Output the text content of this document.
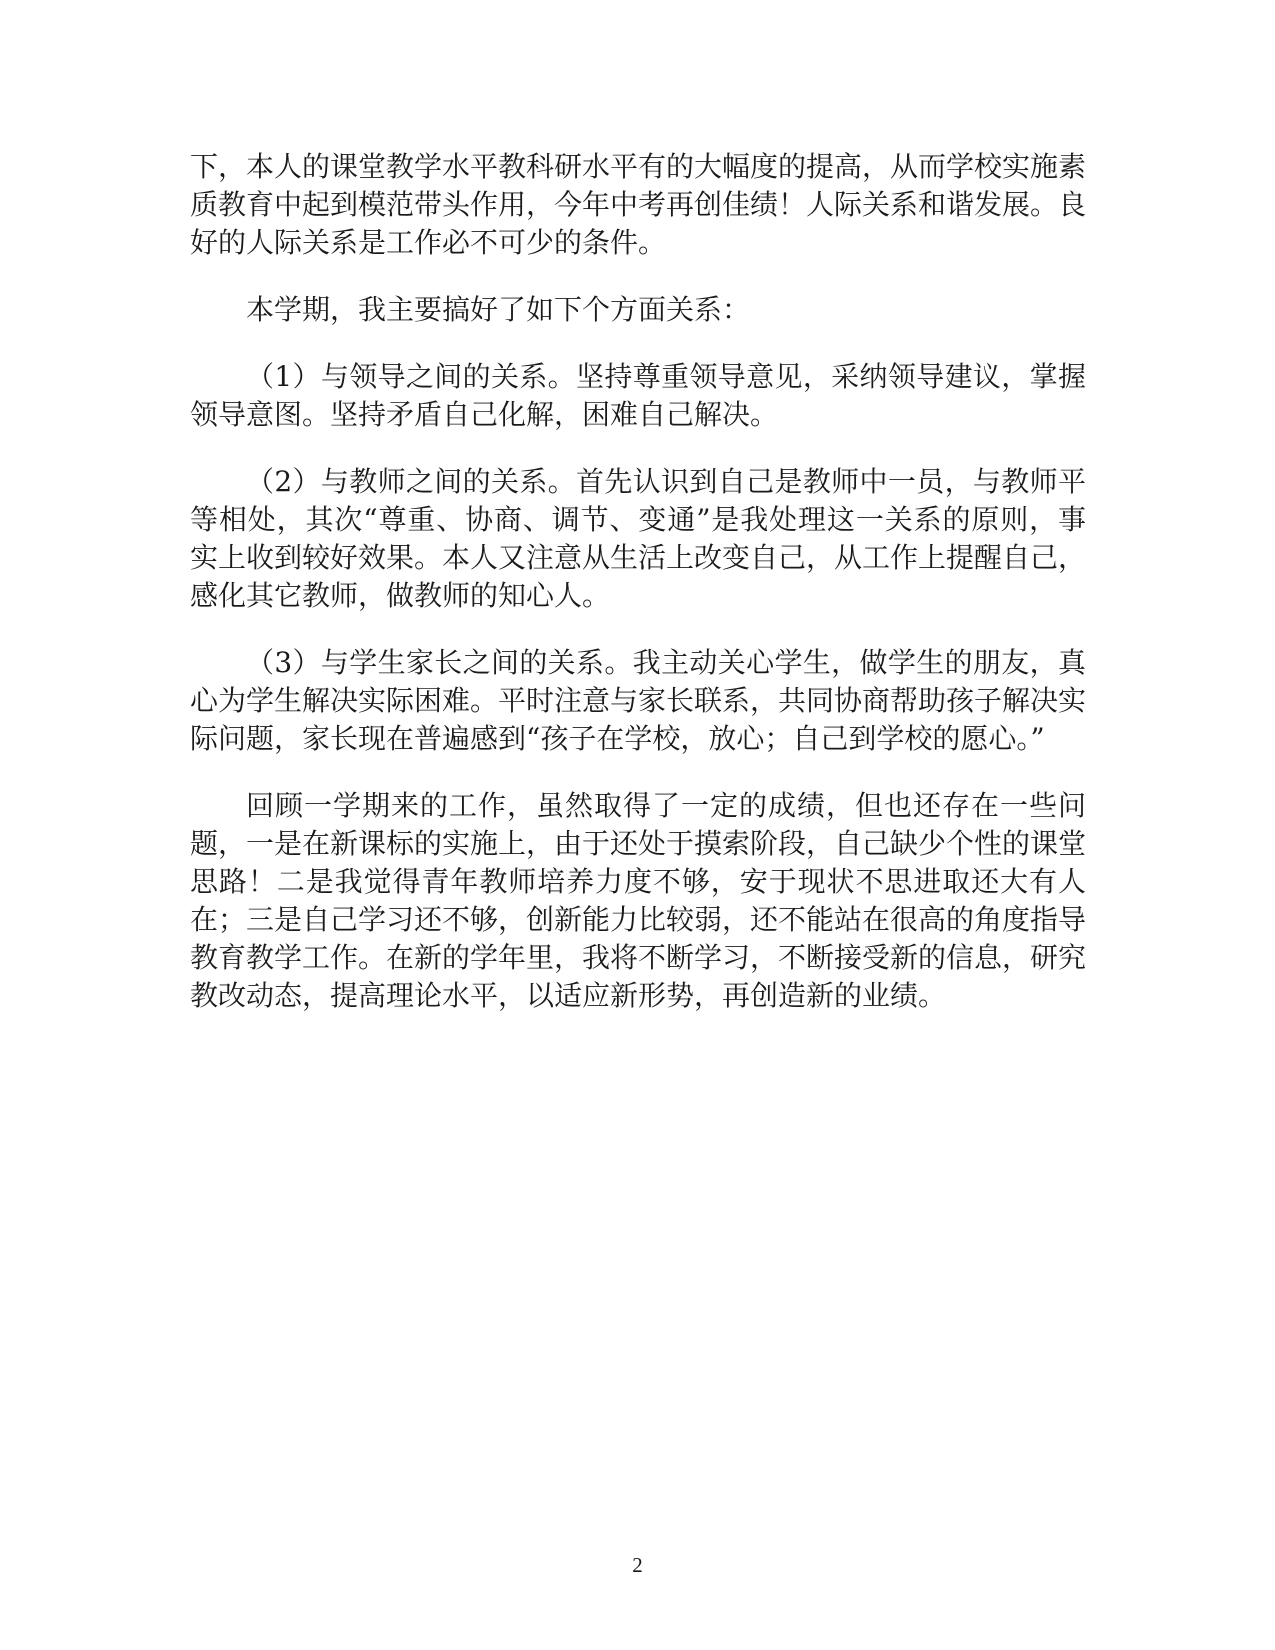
下，本人的课堂教学水平教科研水平有的大幅度的提高，从而学校实施素质教育中起到模范带头作用，今年中考再创佳绩！人际关系和谐发展。良好的人际关系是工作必不可少的条件。

本学期，我主要搞好了如下个方面关系：

（1）与领导之间的关系。坚持尊重领导意见，采纳领导建议，掌握领导意图。坚持矛盾自己化解，困难自己解决。

（2）与教师之间的关系。首先认识到自己是教师中一员，与教师平等相处，其次“尊重、协商、调节、变通”是我处理这一关系的原则，事实上收到较好效果。本人又注意从生活上改变自己，从工作上提醒自己，感化其它教师，做教师的知心人。

（3）与学生家长之间的关系。我主动关心学生，做学生的朋友，真心为学生解决实际困难。平时注意与家长联系，共同协商帮助孩子解决实际问题，家长现在普遍感到“孩子在学校，放心；自己到学校的愿心。”

回顾一学期来的工作，虽然取得了一定的成绩，但也还存在一些问题，一是在新课标的实施上，由于还处于摸索阶段，自己缺少个性的课堂思路！二是我觉得青年教师培养力度不够，安于现状不思进取还大有人在；三是自己学习还不够，创新能力比较弱，还不能站在很高的角度指导教育教学工作。在新的学年里，我将不断学习，不断接受新的信息，研究教改动态，提高理论水平，以适应新形势，再创造新的业绩。

2
